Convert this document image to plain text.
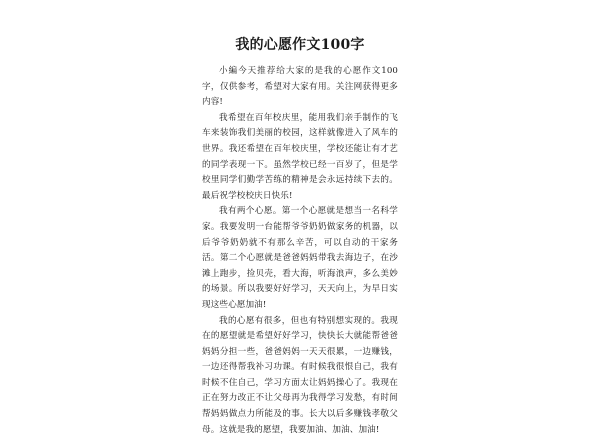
我的心愿作文100字

小編今天推荐给大家的是我的心愿作文100字，仅供参考，希望对大家有用。关注网获得更多内容!

我希望在百年校庆里，能用我们亲手制作的飞车来装饰我们美丽的校园，这样就像进入了风车的世界。我还希望在百年校庆里，学校还能让有才艺的同学表现一下。虽然学校已经一百岁了，但是学校里同学们勤学苦练的精神是会永远持续下去的。最后祝学校校庆日快乐!

我有两个心愿。第一个心愿就是想当一名科学家。我要发明一台能帮爷爷奶奶做家务的机器，以后爷爷奶奶就不有那么辛苦，可以自动的干家务活。第二个心愿就是爸爸妈妈带我去海边子，在沙滩上跑步，捡贝壳，看大海，听海浪声，多么美妙的场景。所以我要好好学习，天天向上，为早日实现这些心愿加油!

我的心愿有很多，但也有特别想实现的。我现在的愿望就是希望好好学习，快快长大就能帮爸爸妈妈分担一些，爸爸妈妈一天天很累，一边赚钱，一边还得帮我补习功课。有时候我很恨自己，我有时候不住自己，学习方面太让妈妈操心了。我现在正在努力改正不让父母再为我得学习发愁，有时间帮妈妈做点力所能及的事。长大以后多赚钱孝敬父母。这就是我的愿望，我要加油、加油、加油!
